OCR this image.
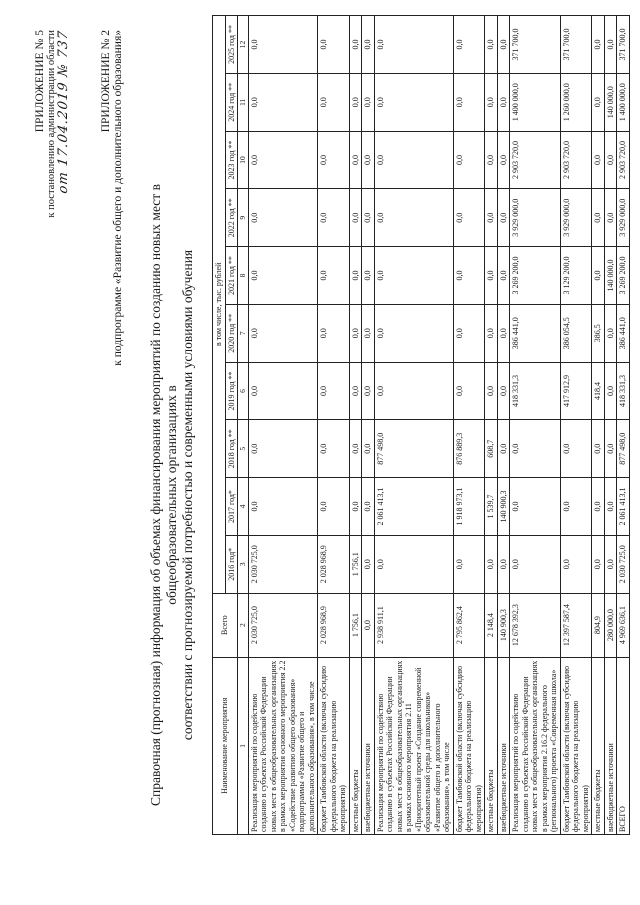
ПРИЛОЖЕНИЕ № 5 к постановлению администрации области от 17.04.2019 № 737	ПРИЛОЖЕНИЕ № 2 к подпрограмме «Развитие общего и дополнительного образования» Справочная (прогнозная) информация об объемах финансирования мероприятий по созданию новых мест в общеобразовательных организациях в соответствии с прогнозируемой потребностью и современными условиями обучения
Наименование мероприятия	Всего	в том числе, тыс. рублей									
		2016 год*	2017 год*	2018 год **	2019 год **	2020 год **	2021 год **	2022 год **	2023 год **	2024 год **	2025 год **
1	2	3	4	5	6	7	8	9	10	11	12
Реализация мероприятий по содействию созданию в субъектах Российской Федерации новых мест в общеобразовательных организациях в рамках мероприятия основного мероприятия 2.2 «Содействие развитию общего образования» подпрограммы «Развитие общего и дополнительного образования», в том числе	2 030 725,0	2 030 725,0	0,0	0,0	0,0	0,0	0,0	0,0	0,0	0,0	0,0
бюджет Тамбовской области (включая субсидию федерального бюджета на реализацию мероприятия)	2 028 968,9	2 028 968,9	0,0	0,0	0,0	0,0	0,0	0,0	0,0	0,0	0,0
местные бюджеты	1 756,1	1 756,1	0,0	0,0	0,0	0,0	0,0	0,0	0,0	0,0	0,0
внебюджетные источники	0,0	0,0	0,0	0,0	0,0	0,0	0,0	0,0	0,0	0,0	0,0
Реализация мероприятий по содействию созданию в субъектах Российской Федерации новых мест в общеобразовательных организациях в рамках основного мероприятия 2.11 «Приоритетный проект «Создание современной образовательной среды для школьников» «Развитие общего и дополнительного образования», в том числе	2 938 911,1	0,0	2 061 413,1	877 498,0	0,0	0,0	0,0	0,0	0,0	0,0	0,0
бюджет Тамбовской области (включая субсидию федерального бюджета на реализацию мероприятия)	2 795 862,4	0,0	1 918 973,1	876 889,3	0,0	0,0	0,0	0,0	0,0	0,0	0,0
местные бюджеты	2 148,4	0,0	1 539,7	608,7	0,0	0,0	0,0	0,0	0,0	0,0	0,0
внебюджетные источники	140 900,3	0,0	140 900,3	0,0	0,0	0,0	0,0	0,0	0,0	0,0	0,0
Реализация мероприятий по содействию созданию в субъектах Российской Федерации новых мест в общеобразовательных организациях в рамках мероприятия 2.16.2 федерального (регионального) проекта «Современная школа»	12 678 392,3	0,0	0,0	0,0	418 331,3	386 441,0	3 269 200,0	3 929 000,0	2 903 720,0	1 400 000,0	371 700,0
бюджет Тамбовской области (включая субсидию федерального бюджета на реализацию мероприятия)	12 397 587,4	0,0	0,0	0,0	417 912,9	386 054,5	3 129 200,0	3 929 000,0	2 903 720,0	1 260 000,0	371 700,0
местные бюджеты	804,9	0,0	0,0	0,0	418,4	386,5	0,0	0,0	0,0	0,0	0,0
внебюджетные источники	280 000,0	0,0	0,0	0,0	0,0	0,0	140 000,0	0,0	0,0	140 000,0	0,0
ВСЕГО	4 969 636,1	2 030 725,0	2 061 413,1	877 498,0	418 331,3	386 441,0	3 269 200,0	3 929 000,0	2 903 720,0	1 400 000,0	371 700,0
